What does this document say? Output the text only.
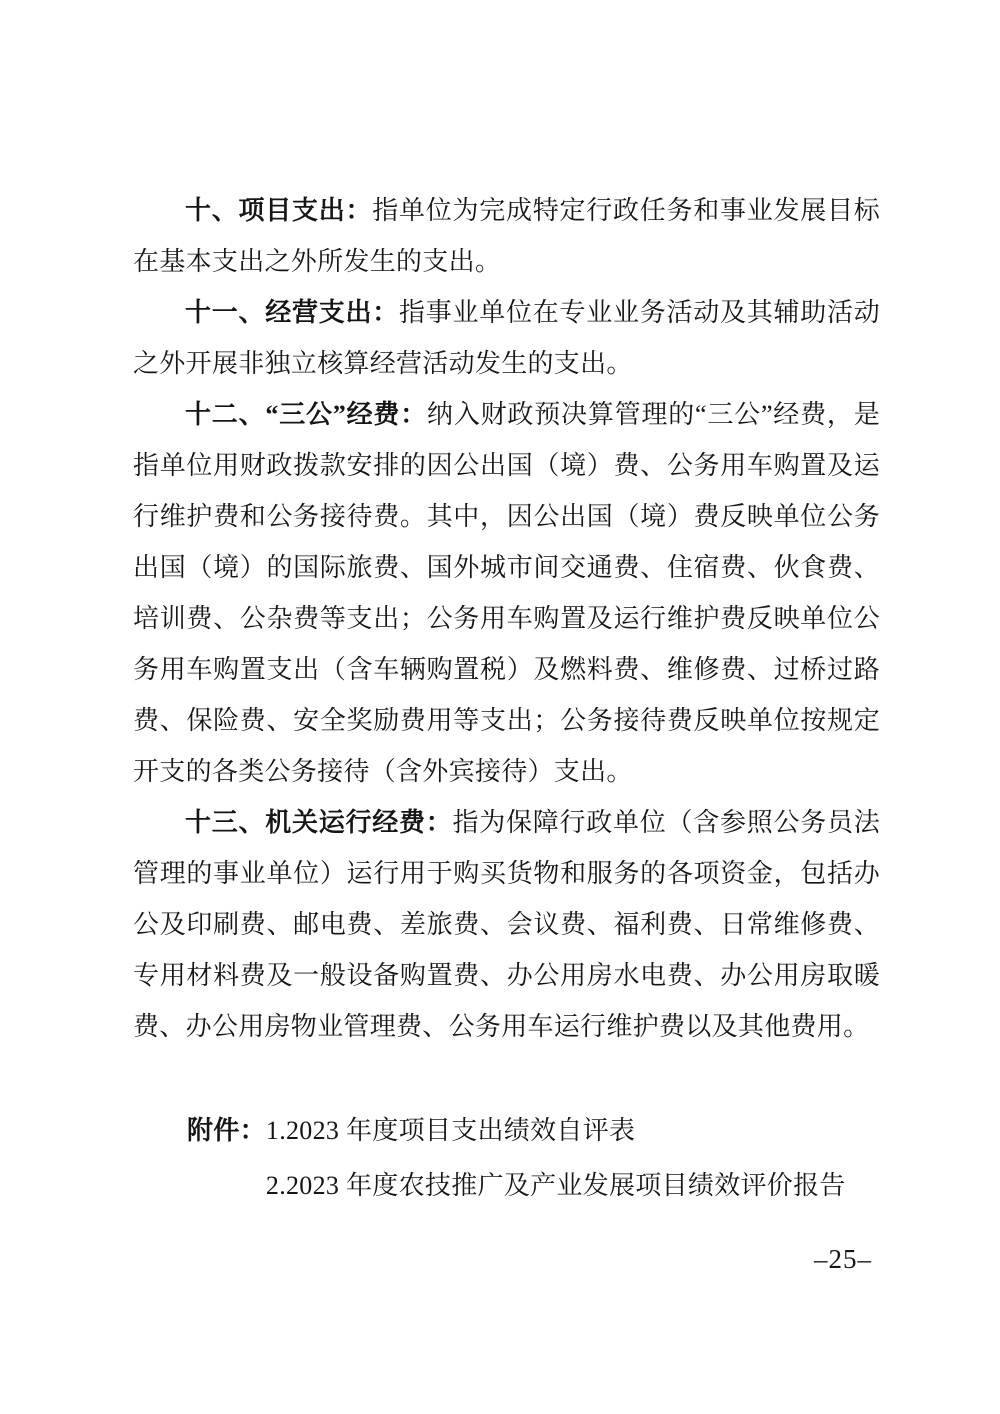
十、项目支出：指单位为完成特定行政任务和事业发展目标在基本支出之外所发生的支出。

十一、经营支出：指事业单位在专业业务活动及其辅助活动之外开展非独立核算经营活动发生的支出。

十二、“三公”经费：纳入财政预决算管理的“三公”经费，是指单位用财政拨款安排的因公出国（境）费、公务用车购置及运行维护费和公务接待费。其中，因公出国（境）费反映单位公务出国（境）的国际旅费、国外城市间交通费、住宿费、伙食费、培训费、公杂费等支出；公务用车购置及运行维护费反映单位公务用车购置支出（含车辆购置税）及燃料费、维修费、过桥过路费、保险费、安全奖励费用等支出；公务接待费反映单位按规定开支的各类公务接待（含外宾接待）支出。

十三、机关运行经费：指为保障行政单位（含参照公务员法管理的事业单位）运行用于购买货物和服务的各项资金，包括办公及印刷费、邮电费、差旅费、会议费、福利费、日常维修费、专用材料费及一般设备购置费、办公用房水电费、办公用房取暖费、办公用房物业管理费、公务用车运行维护费以及其他费用。

附件： 1.2023 年度项目支出绩效自评表
2.2023 年度农技推广及产业发展项目绩效评价报告
–25–
